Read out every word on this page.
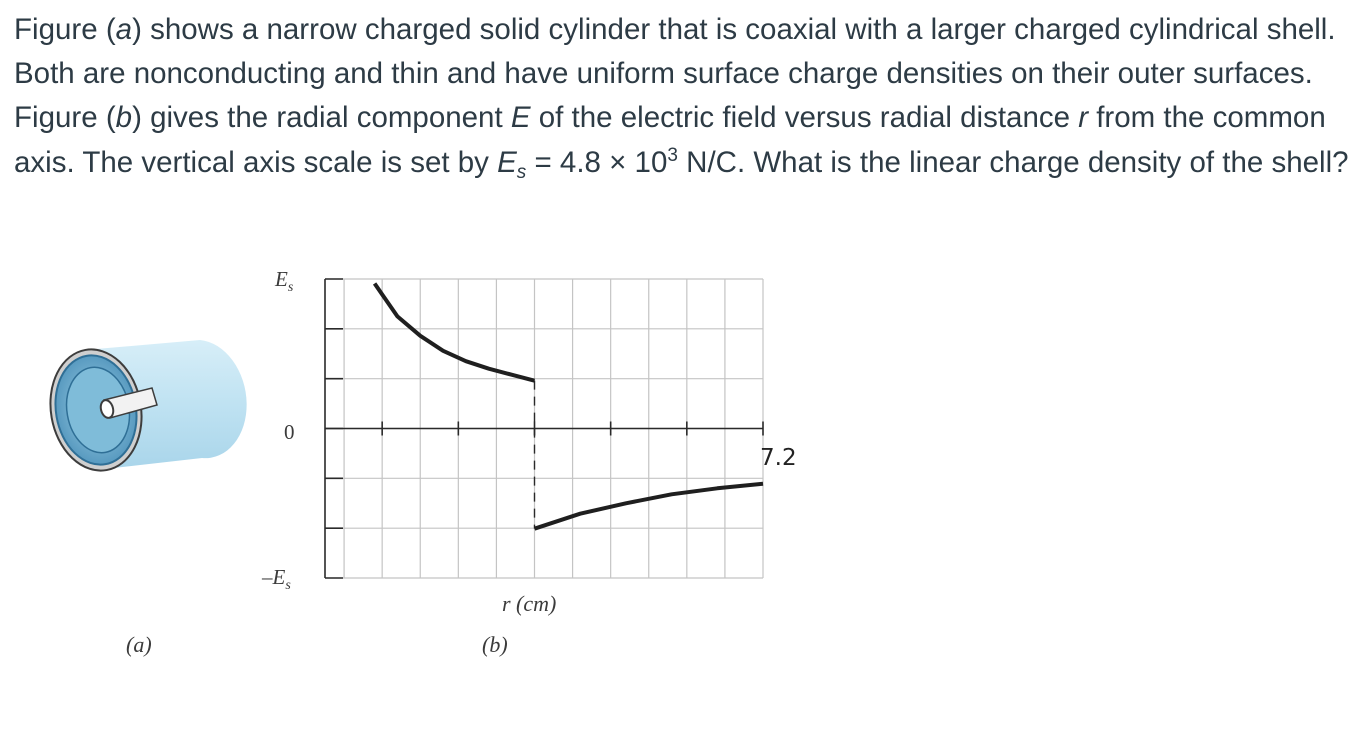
Figure (a) shows a narrow charged solid cylinder that is coaxial with a larger charged cylindrical shell. Both are nonconducting and thin and have uniform surface charge densities on their outer surfaces. Figure (b) gives the radial component E of the electric field versus radial distance r from the common axis. The vertical axis scale is set by $E_s = 4.8 \times 10^3$ N/C. What is the linear charge density of the shell?

$E_s$
0
$-E_s$
r (cm)
7.2
(a)	(b)
